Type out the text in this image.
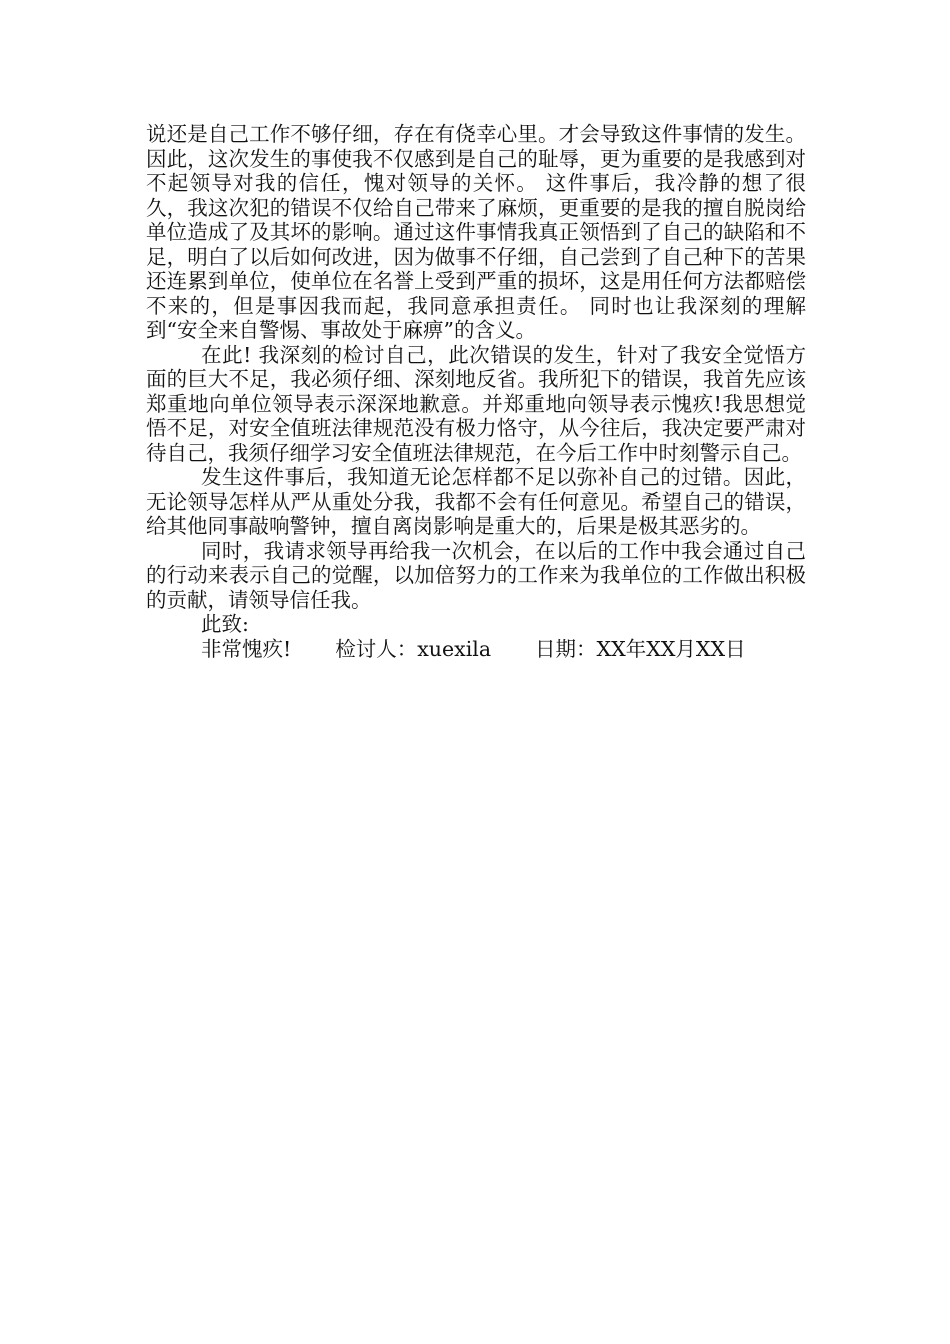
说还是自己工作不够仔细，存在有侥幸心里。才会导致这件事情的发生。因此，这次发生的事使我不仅感到是自己的耻辱，更为重要的是我感到对不起领导对我的信任，愧对领导的关怀。 这件事后，我冷静的想了很久，我这次犯的错误不仅给自己带来了麻烦，更重要的是我的擅自脱岗给单位造成了及其坏的影响。通过这件事情我真正领悟到了自己的缺陷和不足，明白了以后如何改进，因为做事不仔细，自己尝到了自己种下的苦果还连累到单位，使单位在名誉上受到严重的损坏，这是用任何方法都赔偿不来的，但是事因我而起，我同意承担责任。 同时也让我深刻的理解到“安全来自警惕、事故处于麻痹”的含义。

在此! 我深刻的检讨自己，此次错误的发生，针对了我安全觉悟方面的巨大不足，我必须仔细、深刻地反省。我所犯下的错误，我首先应该郑重地向单位领导表示深深地歉意。并郑重地向领导表示愧疚!我思想觉悟不足，对安全值班法律规范没有极力恪守，从今往后，我决定要严肃对待自己，我须仔细学习安全值班法律规范，在今后工作中时刻警示自己。

发生这件事后，我知道无论怎样都不足以弥补自己的过错。因此，无论领导怎样从严从重处分我，我都不会有任何意见。希望自己的错误，给其他同事敲响警钟，擅自离岗影响是重大的，后果是极其恶劣的。

同时，我请求领导再给我一次机会，在以后的工作中我会通过自己的行动来表示自己的觉醒，以加倍努力的工作来为我单位的工作做出积极的贡献，请领导信任我。

此致:

非常愧疚! 检讨人：xuexila 日期：XX年XX月XX日
